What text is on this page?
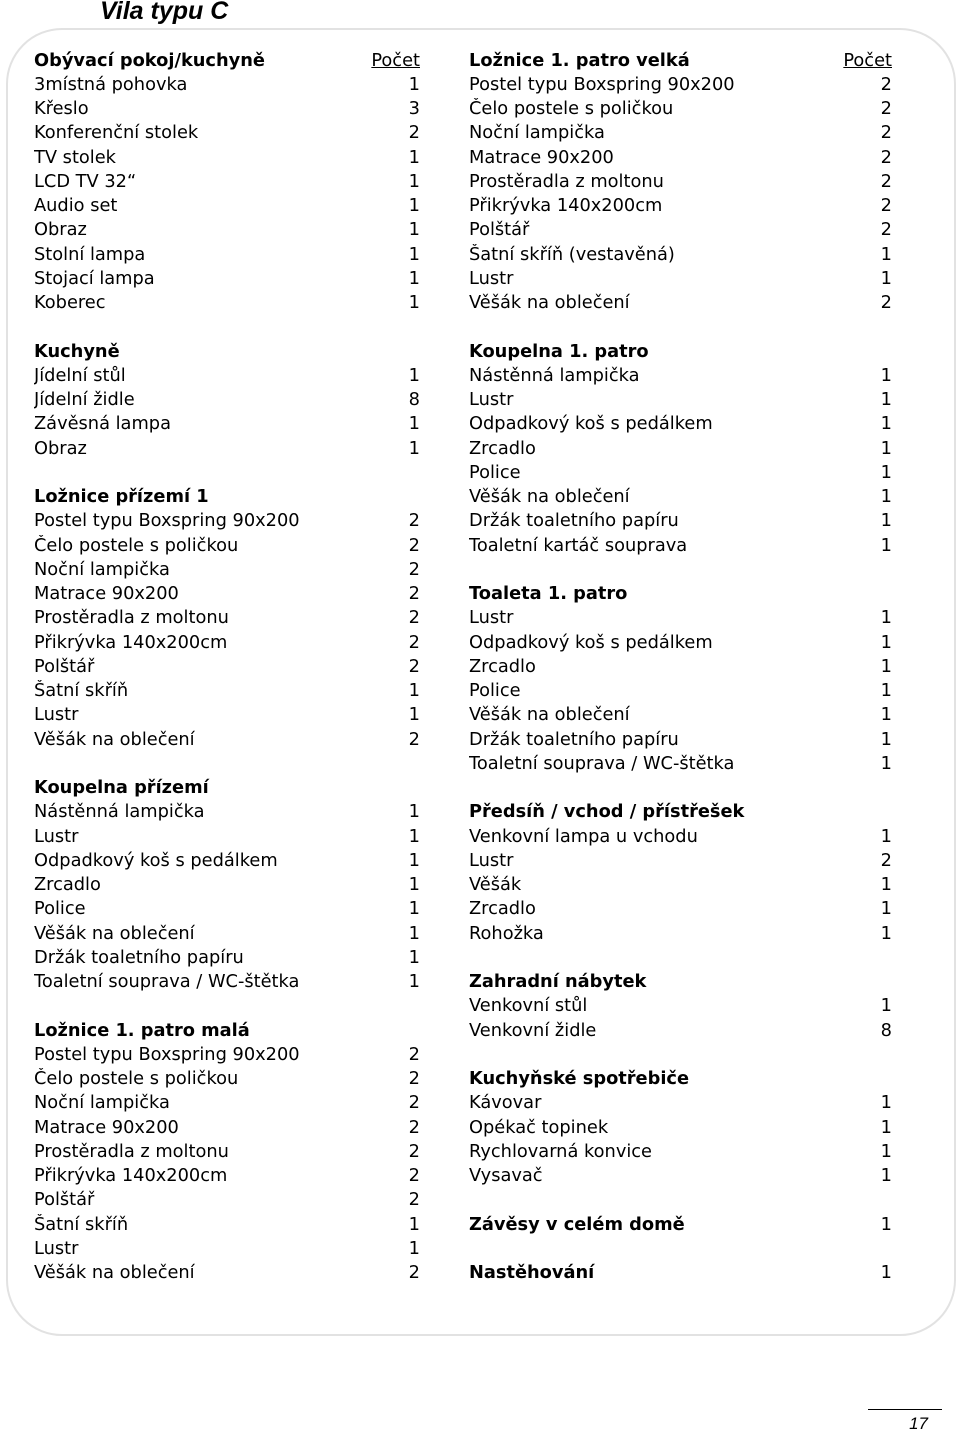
Vila typu C
Obývací pokoj/kuchyně	Počet
3místná pohovka	1
Křeslo	3
Konferenční stolek	2
TV stolek	1
LCD TV 32“	1
Audio set	1
Obraz	1
Stolní lampa	1
Stojací lampa	1
Koberec	1
Kuchyně
Jídelní stůl	1
Jídelní židle	8
Závěsná lampa	1
Obraz	1
Ložnice přízemí 1
Postel typu Boxspring 90x200	2
Čelo postele s poličkou	2
Noční lampička	2
Matrace 90x200	2
Prostěradla z moltonu	2
Přikrývka 140x200cm	2
Polštář	2
Šatní skříň	1
Lustr	1
Věšák na oblečení	2
Koupelna přízemí
Nástěnná lampička	1
Lustr	1
Odpadkový koš s pedálkem	1
Zrcadlo	1
Police	1
Věšák na oblečení	1
Držák toaletního papíru	1
Toaletní souprava / WC-štětka	1
Ložnice 1. patro malá
Postel typu Boxspring 90x200	2
Čelo postele s poličkou	2
Noční lampička	2
Matrace 90x200	2
Prostěradla z moltonu	2
Přikrývka 140x200cm	2
Polštář	2
Šatní skříň	1
Lustr	1
Věšák na oblečení	2
Ložnice 1. patro velká	Počet
Postel typu Boxspring 90x200	2
Čelo postele s poličkou	2
Noční lampička	2
Matrace 90x200	2
Prostěradla z moltonu	2
Přikrývka 140x200cm	2
Polštář	2
Šatní skříň (vestavěná)	1
Lustr	1
Věšák na oblečení	2
Koupelna 1. patro
Nástěnná lampička	1
Lustr	1
Odpadkový koš s pedálkem	1
Zrcadlo	1
Police	1
Věšák na oblečení	1
Držák toaletního papíru	1
Toaletní kartáč souprava	1
Toaleta 1. patro
Lustr	1
Odpadkový koš s pedálkem	1
Zrcadlo	1
Police	1
Věšák na oblečení	1
Držák toaletního papíru	1
Toaletní souprava / WC-štětka	1
Předsíň / vchod / přístřešek
Venkovní lampa u vchodu	1
Lustr	2
Věšák	1
Zrcadlo	1
Rohožka	1
Zahradní nábytek
Venkovní stůl	1
Venkovní židle	8
Kuchyňské spotřebiče
Kávovar	1
Opékač topinek	1
Rychlovarná konvice	1
Vysavač	1
Závěsy v celém domě	1
Nastěhování	1
17
